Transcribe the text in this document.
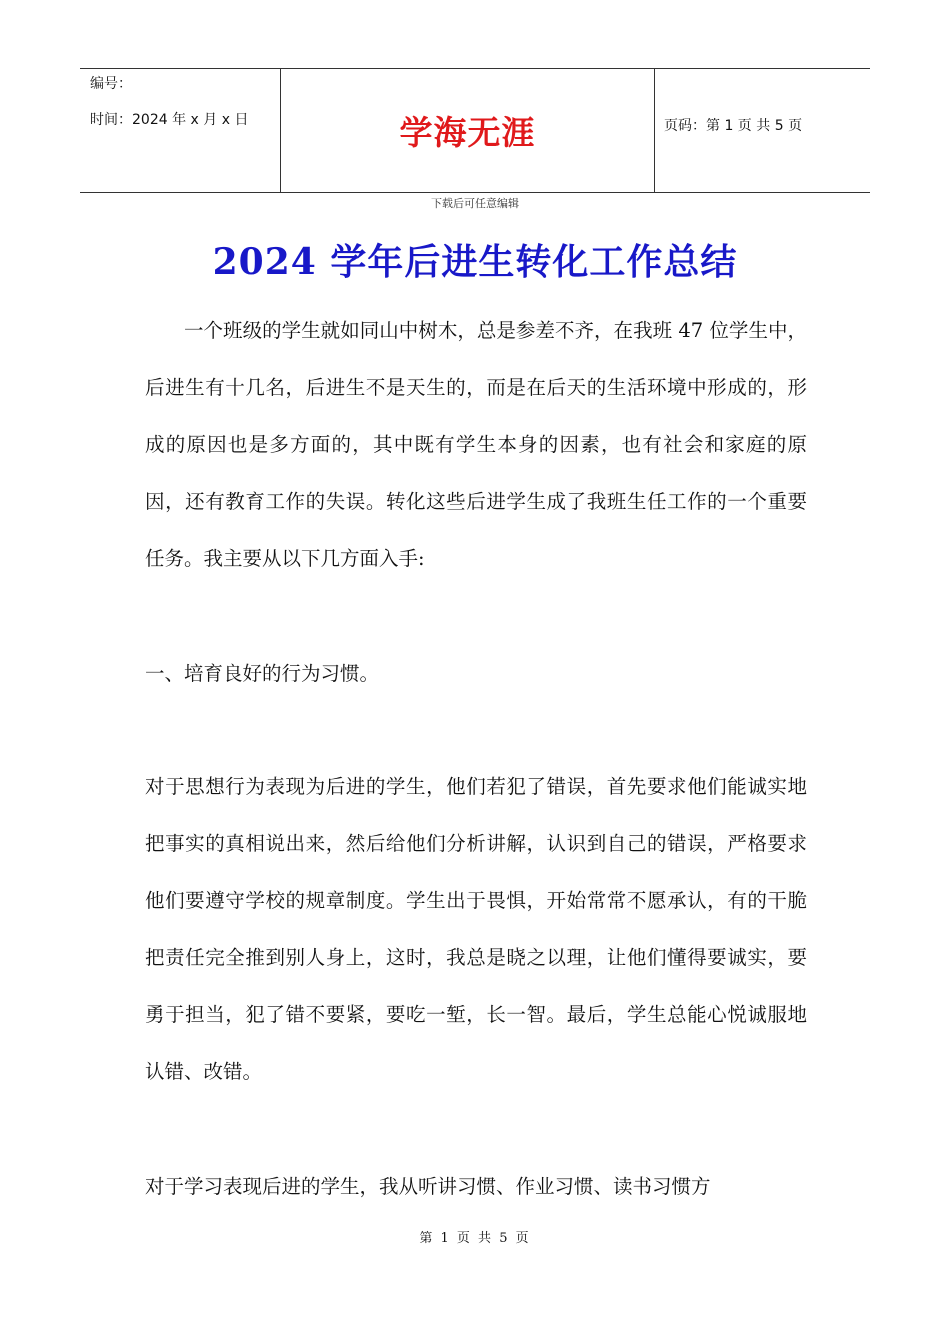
编号：
时间：2024 年 x 月 x 日	学海无涯	页码：第 1 页 共 5 页
下载后可任意编辑
2024 学年后进生转化工作总结

一个班级的学生就如同山中树木，总是参差不齐，在我班 47 位学生中，后进生有十几名，后进生不是天生的，而是在后天的生活环境中形成的，形成的原因也是多方面的，其中既有学生本身的因素，也有社会和家庭的原因，还有教育工作的失误。转化这些后进学生成了我班生任工作的一个重要任务。我主要从以下几方面入手:

一、培育良好的行为习惯。

对于思想行为表现为后进的学生，他们若犯了错误，首先要求他们能诚实地把事实的真相说出来，然后给他们分析讲解，认识到自己的错误，严格要求他们要遵守学校的规章制度。学生出于畏惧，开始常常不愿承认，有的干脆把责任完全推到别人身上，这时，我总是晓之以理，让他们懂得要诚实，要勇于担当，犯了错不要紧，要吃一堑，长一智。最后，学生总能心悦诚服地认错、改错。

对于学习表现后进的学生，我从听讲习惯、作业习惯、读书习惯方

第 1 页 共 5 页
